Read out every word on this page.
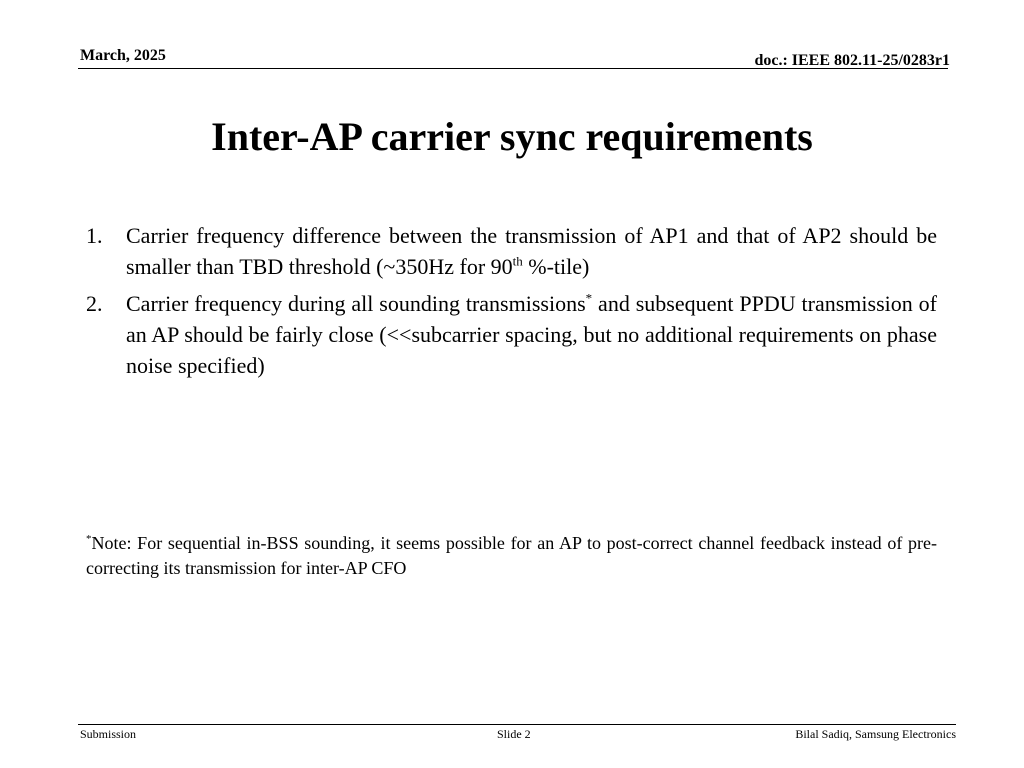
March, 2025	doc.: IEEE 802.11-25/0283r1
Inter-AP carrier sync requirements
1.	Carrier frequency difference between the transmission of AP1 and that of AP2 should be smaller than TBD threshold (~350Hz for 90th %-tile)
2.	Carrier frequency during all sounding transmissions* and subsequent PPDU transmission of an AP should be fairly close (<<subcarrier spacing, but no additional requirements on phase noise specified)
*Note: For sequential in-BSS sounding, it seems possible for an AP to post-correct channel feedback instead of pre-correcting its transmission for inter-AP CFO
Submission	Slide 2	Bilal Sadiq, Samsung Electronics
